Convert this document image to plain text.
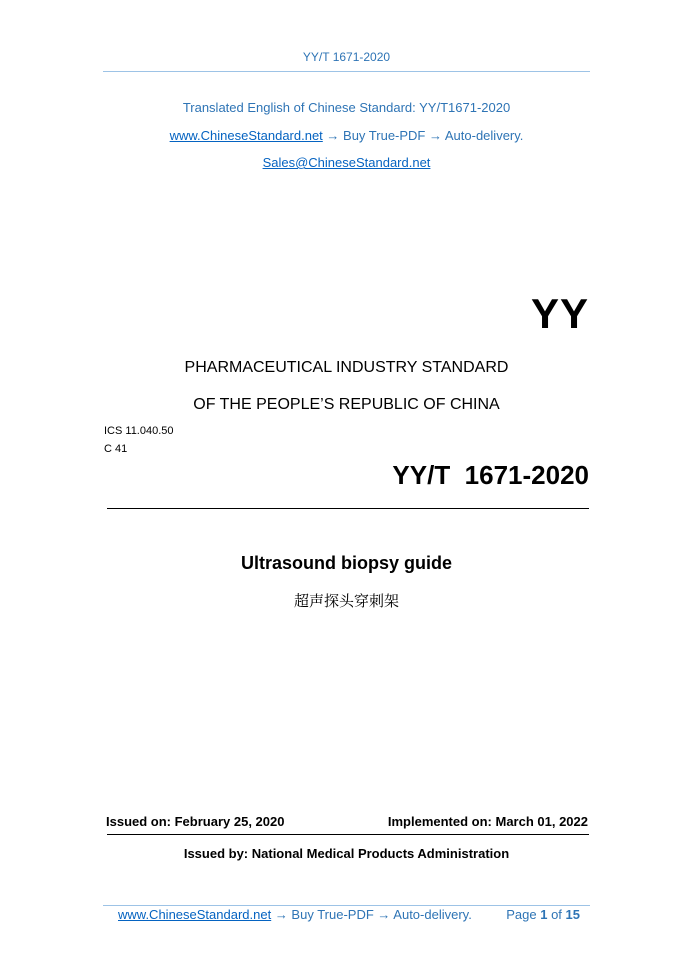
YY/T 1671-2020
Translated English of Chinese Standard: YY/T1671-2020
www.ChineseStandard.net → Buy True-PDF → Auto-delivery.
Sales@ChineseStandard.net
YY
PHARMACEUTICAL INDUSTRY STANDARD
OF THE PEOPLE’S REPUBLIC OF CHINA
ICS 11.040.50
C 41
YY/T  1671-2020
Ultrasound biopsy guide
超声探头穿刺架
Issued on: February 25, 2020	Implemented on: March 01, 2022
Issued by: National Medical Products Administration
www.ChineseStandard.net → Buy True-PDF → Auto-delivery.	Page 1 of 15
